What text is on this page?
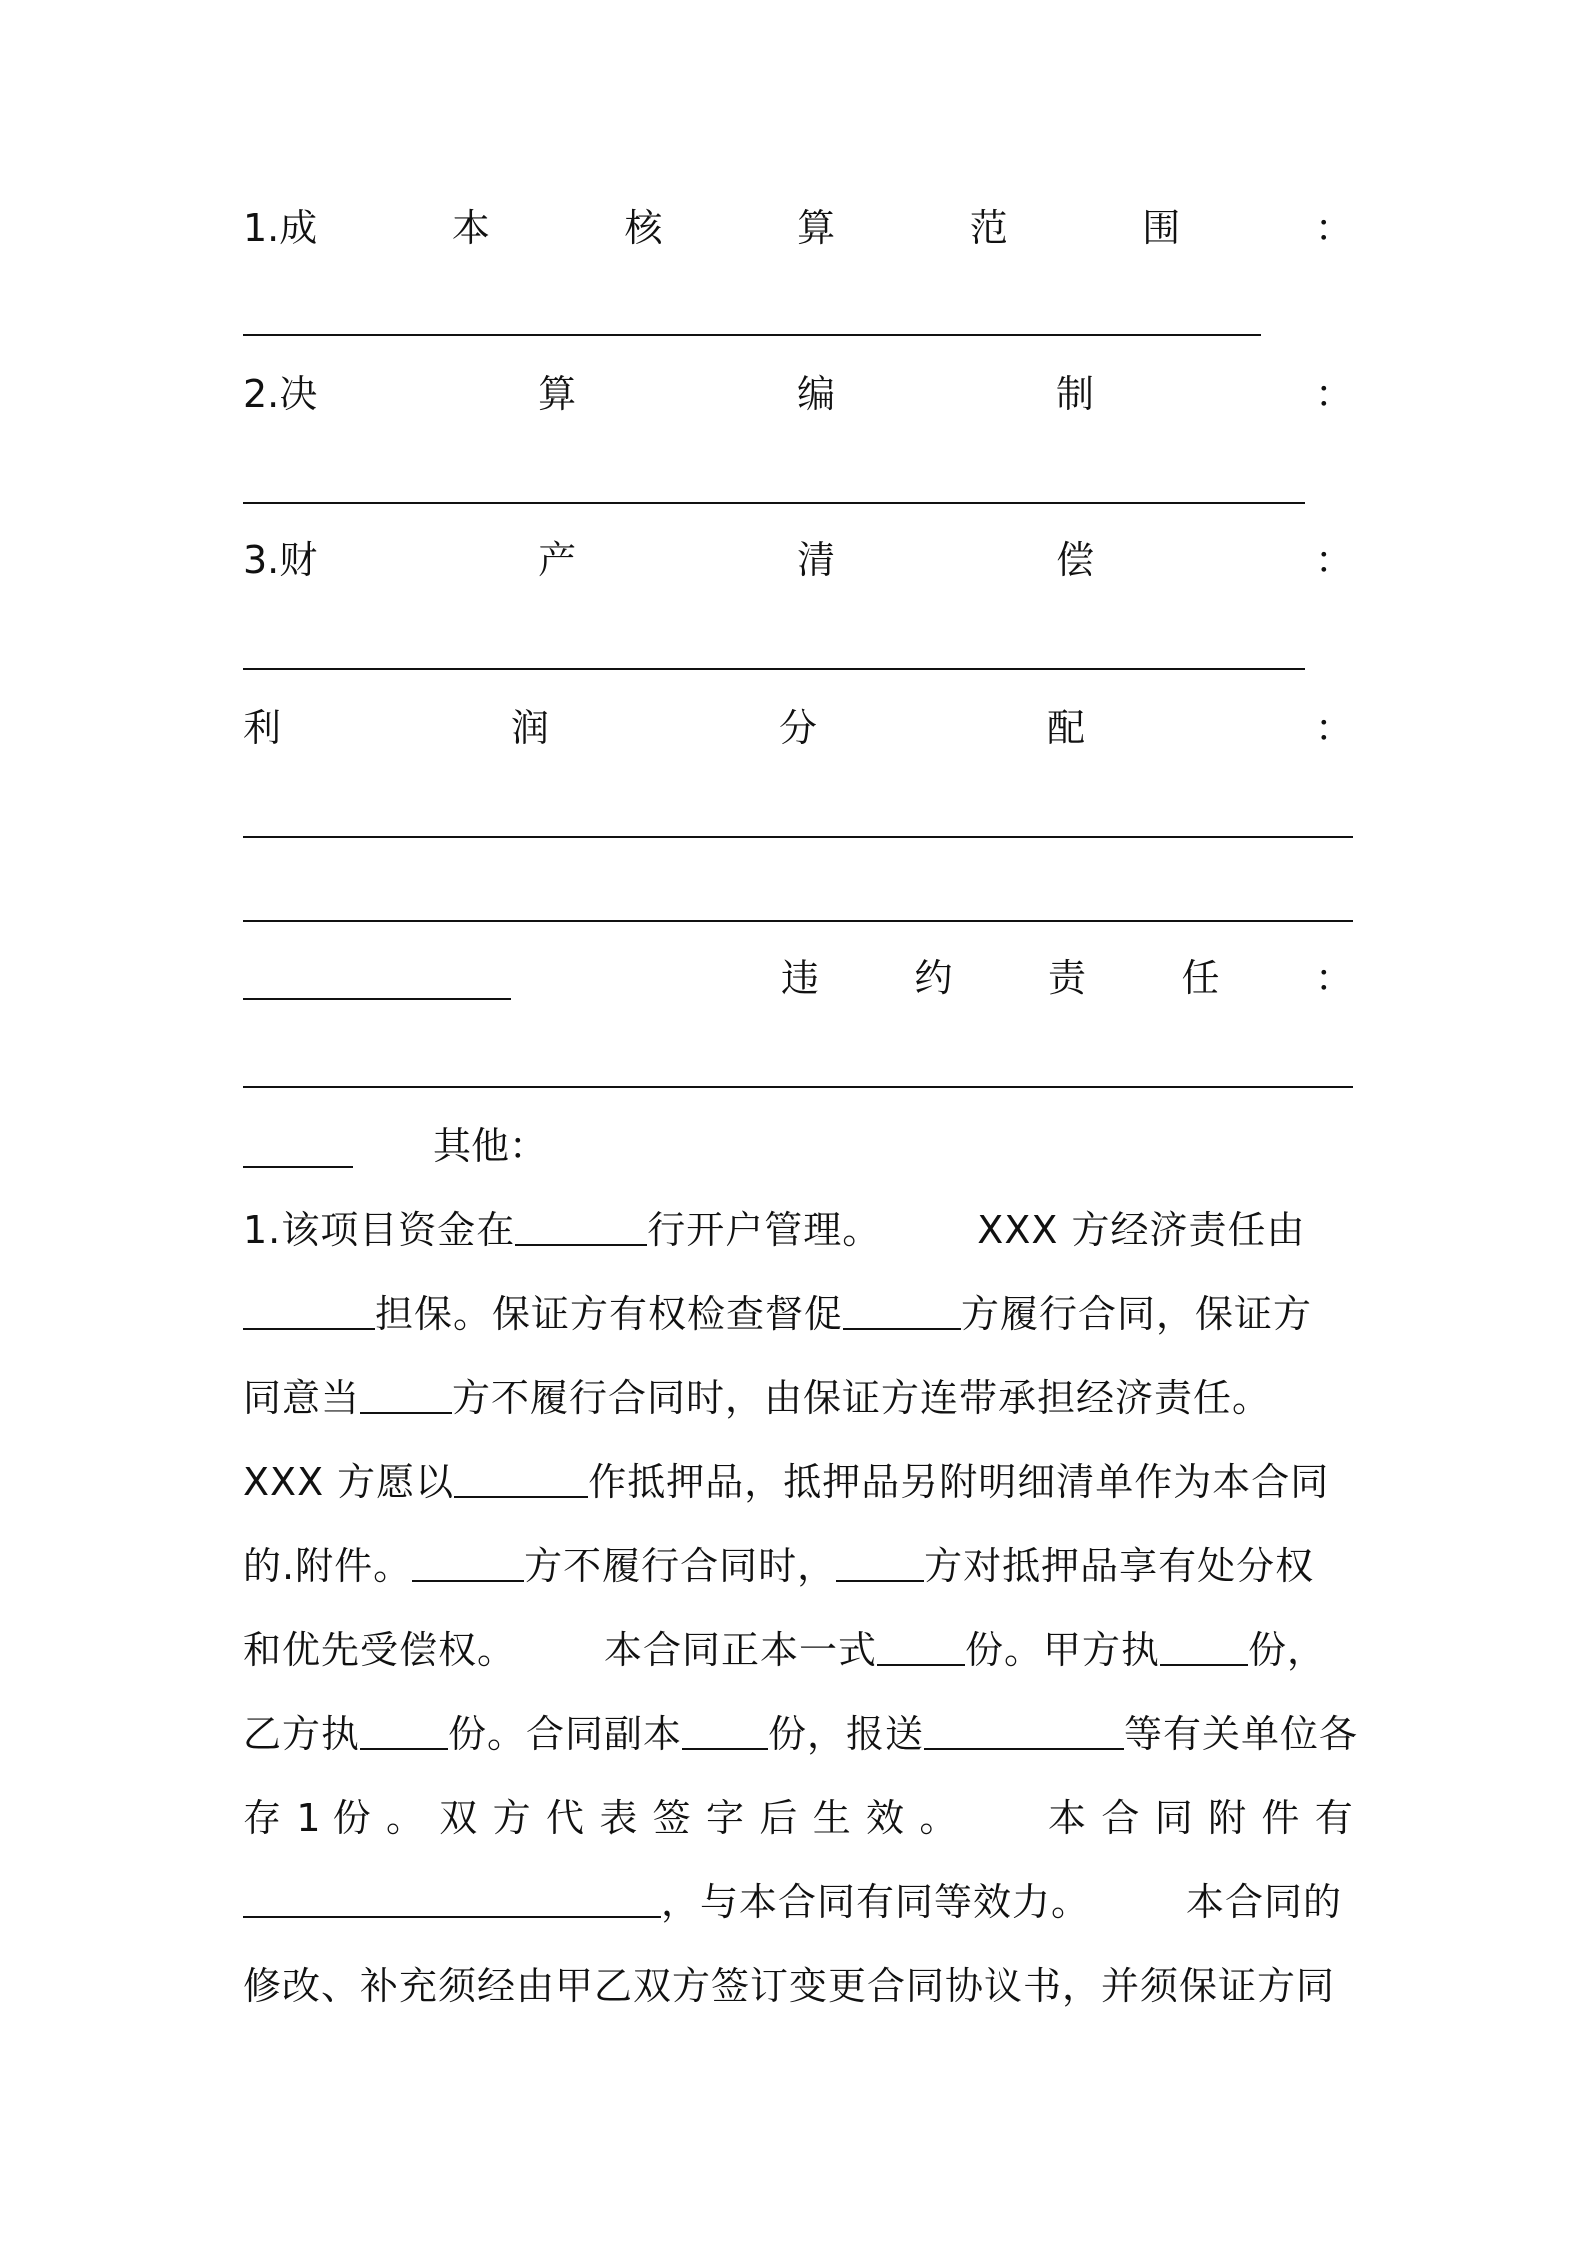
1.成	本	核	算	范	围	：
2.决	算	编	制	：
3.财	产	清	偿	：
利	润	分	配	：
违	约	责	任	：
其他：
1.该项目资金在	行开户管理。	XXX 方经济责任由
担保。保证方有权检查督促	方履行合同，保证方
同意当 方不履行合同时，由保证方连带承担经济责任。
XXX 方愿以	作抵押品，抵押品另附明细清单作为本合同
的.附件。	方不履行合同时， 方对抵押品享有处分权
和优先受偿权。 本合同正本一式 份。甲方执 份，
乙方执 份。合同副本 份，报送	等有关单位各
存 1 份 。 双 方 代 表 签 字 后 生 效 。 本 合 同 附 件 有
，与本合同有同等效力。	本合同的
修改、补充须经由甲乙双方签订变更合同协议书，并须保证方同
